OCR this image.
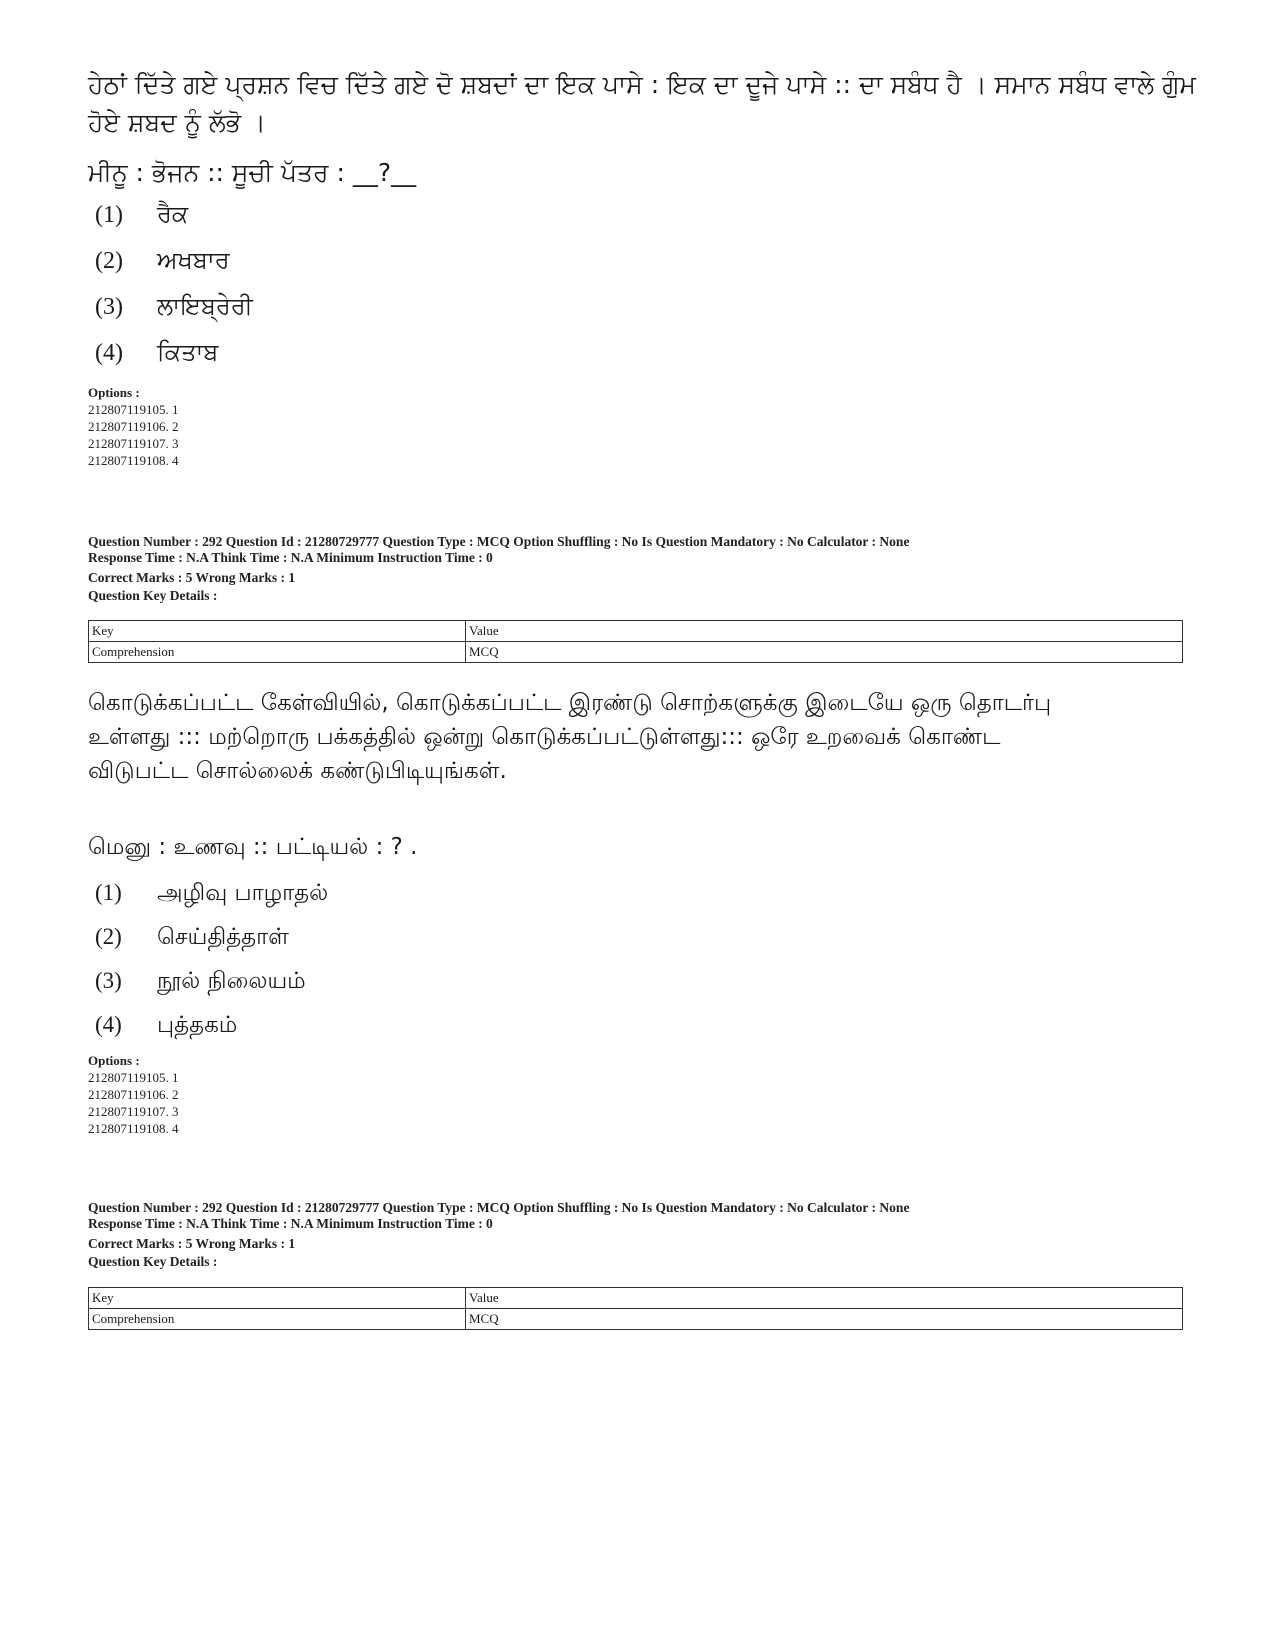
ਹੇਠਾਂ ਦਿੱਤੇ ਗਏ ਪ੍ਰਸ਼ਨ ਵਿਚ ਦਿੱਤੇ ਗਏ ਦੋ ਸ਼ਬਦਾਂ ਦਾ ਇਕ ਪਾਸੇ : ਇਕ ਦਾ ਦੂਜੇ ਪਾਸੇ :: ਦਾ ਸਬੰਧ ਹੈ । ਸਮਾਨ ਸਬੰਧ ਵਾਲੇ ਗੁੰਮ ਹੋਏ ਸ਼ਬਦ ਨੂੰ ਲੱਭੋ ।

ਮੀਨੂ : ਭੋਜਨ :: ਸੂਚੀ ਪੱਤਰ : __?__
(1) ਰੈਕ
(2) ਅਖਬਾਰ
(3) ਲਾਇਬ੍ਰੇਰੀ
(4) ਕਿਤਾਬ
Options :
212807119105. 1
212807119106. 2
212807119107. 3
212807119108. 4
Question Number : 292 Question Id : 21280729777 Question Type : MCQ Option Shuffling : No Is Question Mandatory : No Calculator : None
Response Time : N.A Think Time : N.A Minimum Instruction Time : 0
Correct Marks : 5 Wrong Marks : 1
Question Key Details :
Key	Value
Comprehension	MCQ

கொடுக்கப்பட்ட கேள்வியில், கொடுக்கப்பட்ட இரண்டு சொற்களுக்கு இடையே ஒரு தொடர்பு உள்ளது ::: மற்றொரு பக்கத்தில் ஒன்று கொடுக்கப்பட்டுள்ளது::: ஒரே உறவைக் கொண்ட விடுபட்ட சொல்லைக் கண்டுபிடியுங்கள்.

மெனு : உணவு :: பட்டியல் : ? .
(1) அழிவு பாழாதல்
(2) செய்தித்தாள்
(3) நூல் நிலையம்
(4) புத்தகம்
Options :
212807119105. 1
212807119106. 2
212807119107. 3
212807119108. 4
Question Number : 292 Question Id : 21280729777 Question Type : MCQ Option Shuffling : No Is Question Mandatory : No Calculator : None
Response Time : N.A Think Time : N.A Minimum Instruction Time : 0
Correct Marks : 5 Wrong Marks : 1
Question Key Details :
Key	Value
Comprehension	MCQ
